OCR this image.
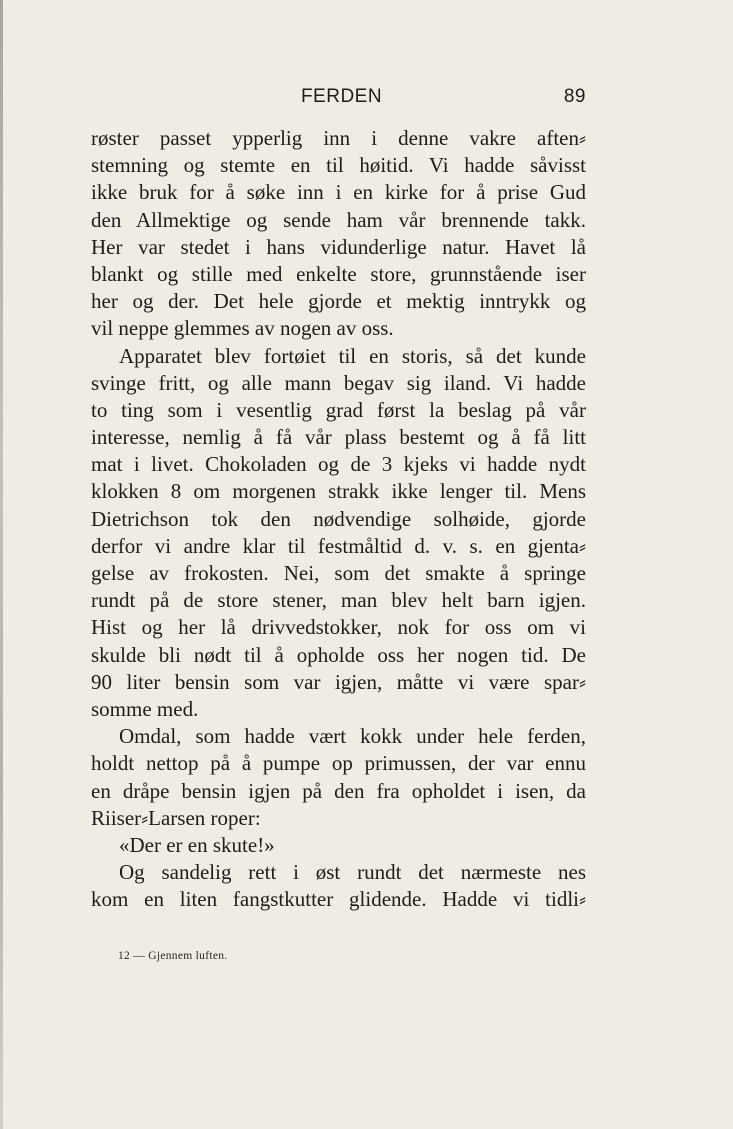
FERDEN	89
røster passet ypperlig inn i denne vakre aften⸗
stemning og stemte en til høitid. Vi hadde såvisst
ikke bruk for å søke inn i en kirke for å prise Gud
den Allmektige og sende ham vår brennende takk.
Her var stedet i hans vidunderlige natur. Havet lå
blankt og stille med enkelte store, grunnstående iser
her og der. Det hele gjorde et mektig inntrykk og
vil neppe glemmes av nogen av oss.
Apparatet blev fortøiet til en storis, så det kunde
svinge fritt, og alle mann begav sig iland. Vi hadde
to ting som i vesentlig grad først la beslag på vår
interesse, nemlig å få vår plass bestemt og å få litt
mat i livet. Chokoladen og de 3 kjeks vi hadde nydt
klokken 8 om morgenen strakk ikke lenger til. Mens
Dietrichson tok den nødvendige solhøide, gjorde
derfor vi andre klar til festmåltid d. v. s. en gjenta⸗
gelse av frokosten. Nei, som det smakte å springe
rundt på de store stener, man blev helt barn igjen.
Hist og her lå drivvedstokker, nok for oss om vi
skulde bli nødt til å opholde oss her nogen tid. De
90 liter bensin som var igjen, måtte vi være spar⸗
somme med.
Omdal, som hadde vært kokk under hele ferden,
holdt nettop på å pumpe op primussen, der var ennu
en dråpe bensin igjen på den fra opholdet i isen, da
Riiser⸗Larsen roper:
«Der er en skute!»
Og sandelig rett i øst rundt det nærmeste nes
kom en liten fangstkutter glidende. Hadde vi tidli⸗
12 — Gjennem luften.
